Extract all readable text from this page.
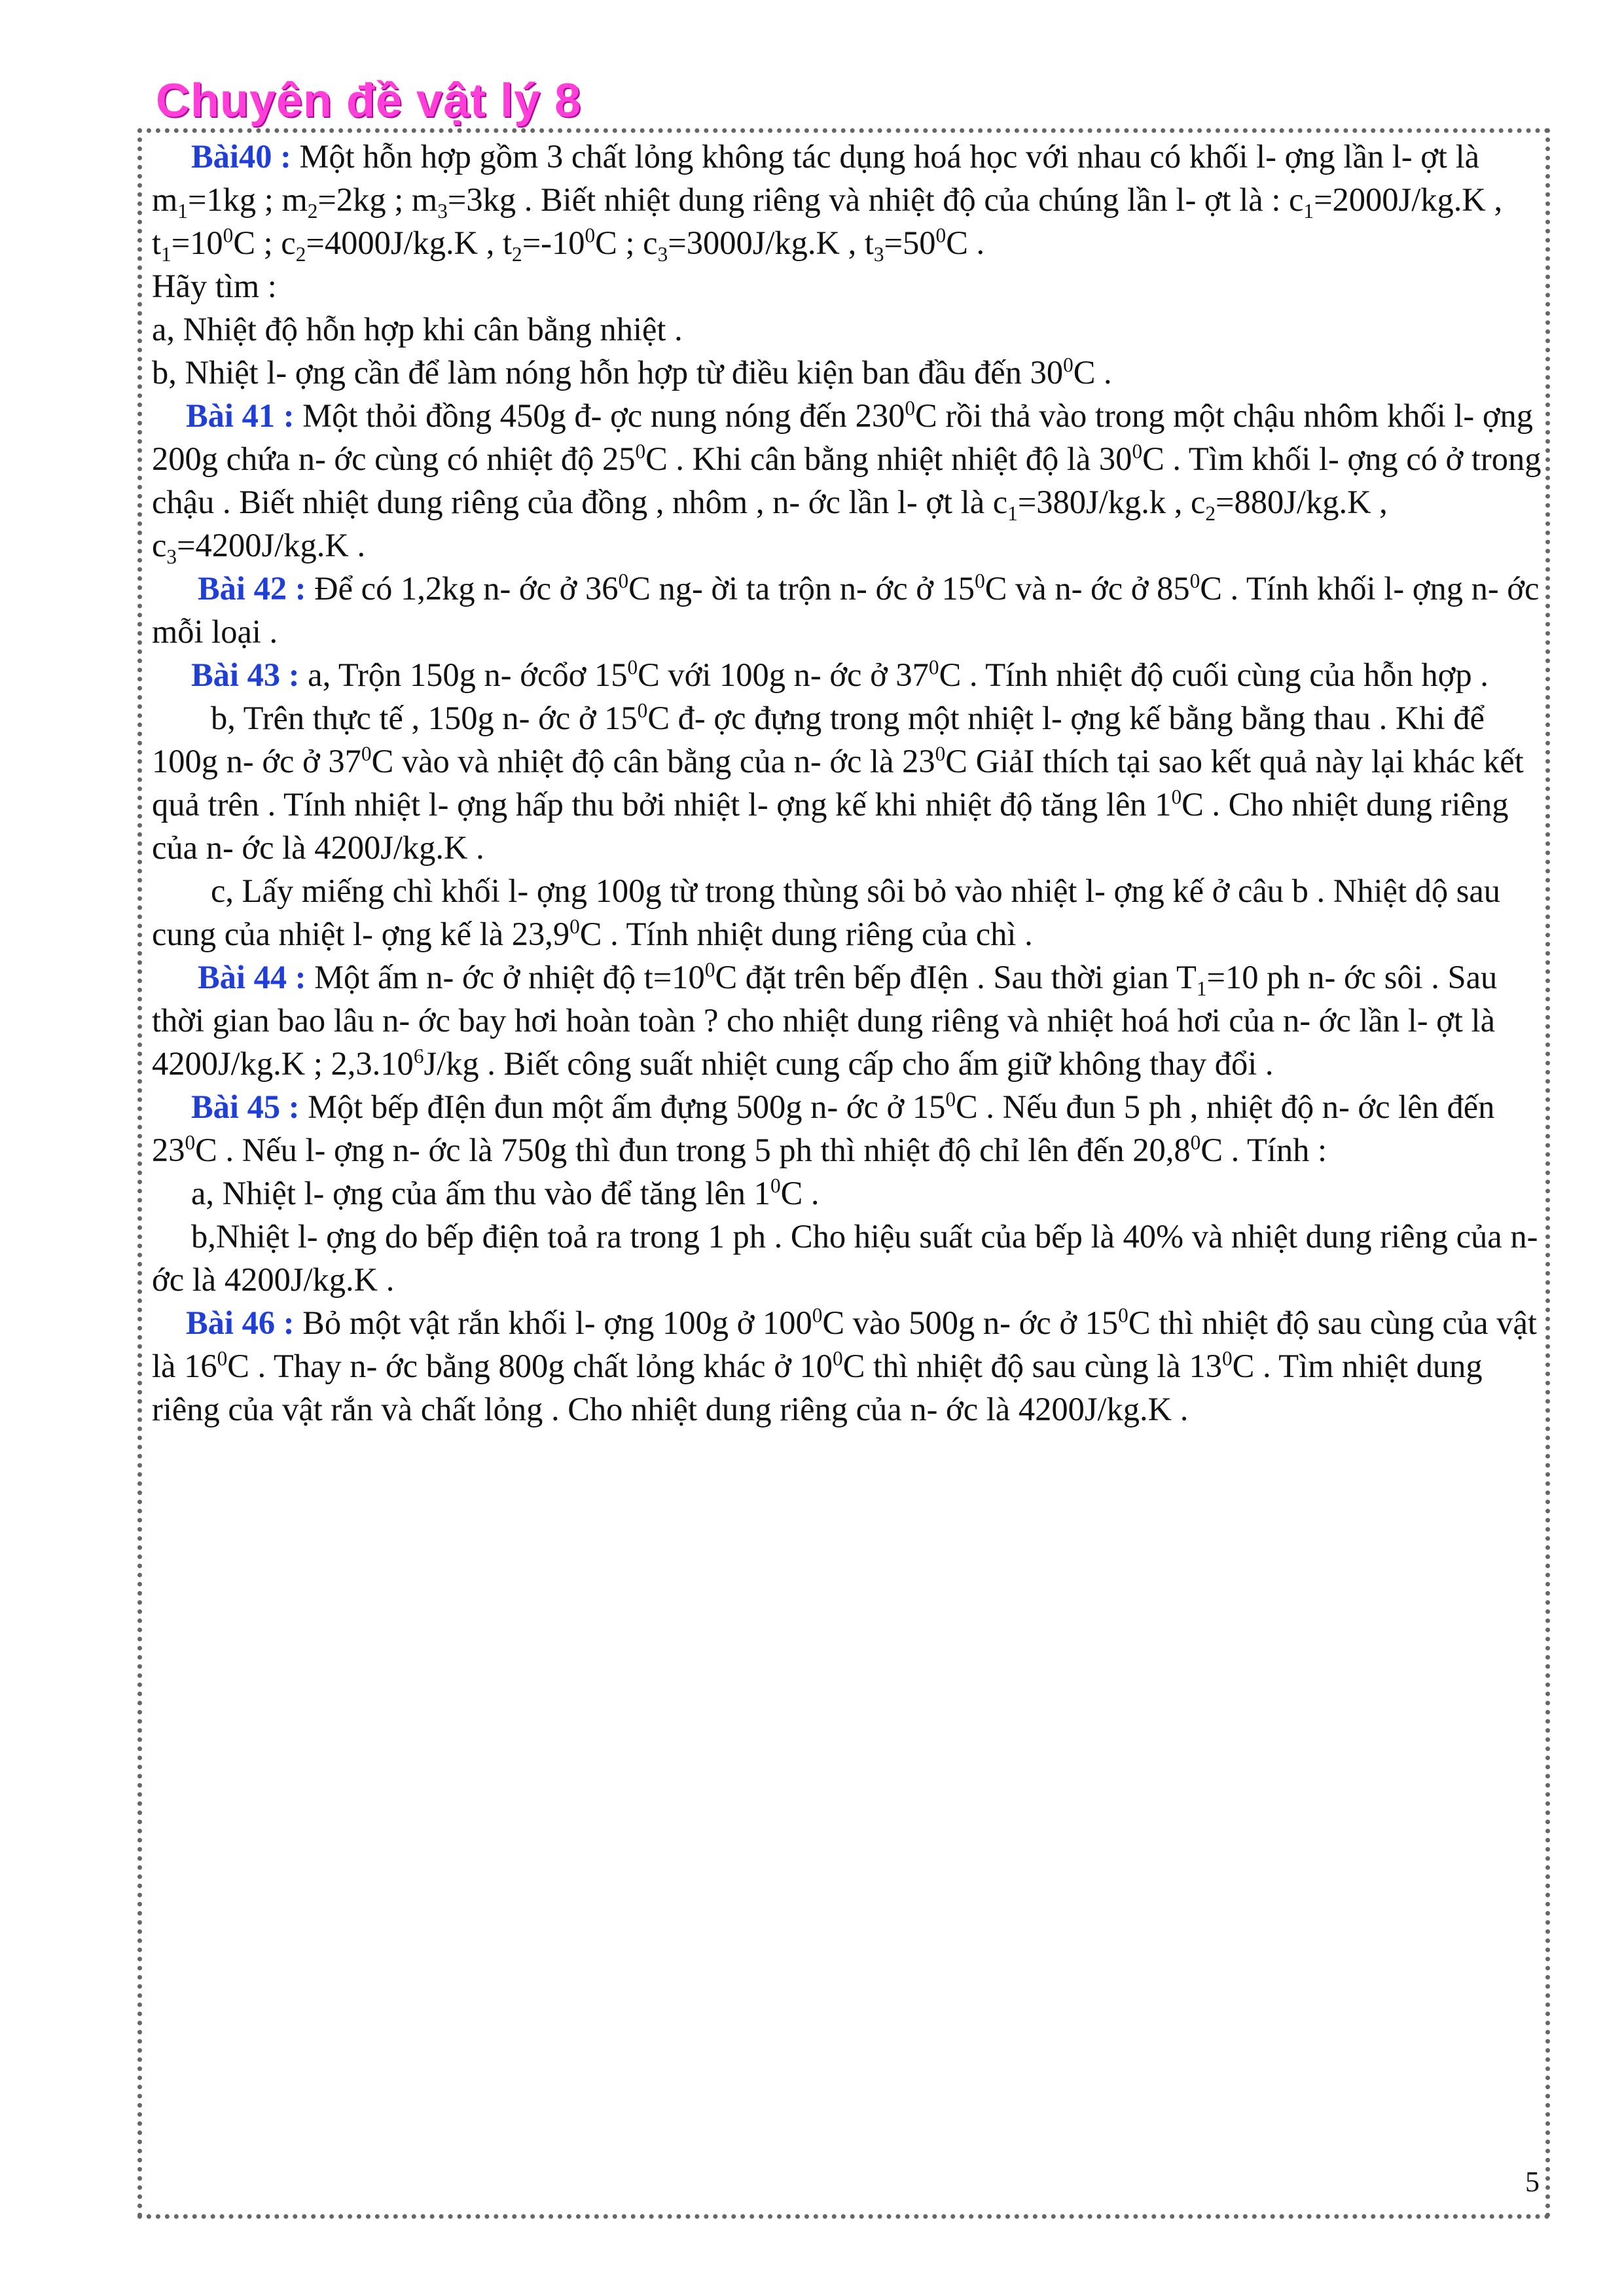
Chuyên đề vật lý 8

Bài40 : Một hỗn hợp gồm 3 chất lỏng không tác dụng hoá học với nhau có khối l- ợng lần l- ợt là $m_1=1kg$ ; $m_2=2kg$ ; $m_3=3kg$ . Biết nhiệt dung riêng và nhiệt độ của chúng lần l- ợt là : $c_1=2000J/kg.K$ , $t_1=10^0C$ ; $c_2=4000J/kg.K$ , $t_2=-10^0C$ ; $c_3=3000J/kg.K$ , $t_3=50^0C$ .

Hãy tìm :

a, Nhiệt độ hỗn hợp khi cân bằng nhiệt .

b, Nhiệt l- ợng cần để làm nóng hỗn hợp từ điều kiện ban đầu đến $30^0C$ .

Bài 41 : Một thỏi đồng 450g đ- ợc nung nóng đến $230^0C$ rồi thả vào trong một chậu nhôm khối l- ợng 200g chứa n- ớc cùng có nhiệt độ $25^0C$ . Khi cân bằng nhiệt nhiệt độ là $30^0C$ . Tìm khối l- ợng có ở trong chậu . Biết nhiệt dung riêng của đồng , nhôm , n- ớc lần l- ợt là $c_1=380J/kg.k$ , $c_2=880J/kg.K$ , $c_3=4200J/kg.K$ .

Bài 42 : Để có 1,2kg n- ớc ở $36^0C$ ng- ời ta trộn n- ớc ở $15^0C$ và n- ớc ở $85^0C$ . Tính khối l- ợng n- ớc mỗi loại .

Bài 43 : a, Trộn 150g n- ớcổơ $15^0C$ với 100g n- ớc ở $37^0C$ . Tính nhiệt độ cuối cùng của hỗn hợp .

b, Trên thực tế , 150g n- ớc ở $15^0C$ đ- ợc đựng trong một nhiệt l- ợng kế bằng bằng thau . Khi để 100g n- ớc ở $37^0C$ vào và nhiệt độ cân bằng của n- ớc là $23^0C$ GiảI thích tại sao kết quả này lại khác kết quả trên . Tính nhiệt l- ợng hấp thu bởi nhiệt l- ợng kế khi nhiệt độ tăng lên $1^0C$ . Cho nhiệt dung riêng của n- ớc là 4200J/kg.K .

c, Lấy miếng chì khối l- ợng 100g từ trong thùng sôi bỏ vào nhiệt l- ợng kế ở câu b . Nhiệt dộ sau cung của nhiệt l- ợng kế là 23,9$^0$C . Tính nhiệt dung riêng của chì .

Bài 44 : Một ấm n- ớc ở nhiệt độ $t=10^0C$ đặt trên bếp đIện . Sau thời gian $T_1=10$ ph n- ớc sôi . Sau thời gian bao lâu n- ớc bay hơi hoàn toàn ? cho nhiệt dung riêng và nhiệt hoá hơi của n- ớc lần l- ợt là 4200J/kg.K ; 2,3.10$^6$J/kg . Biết công suất nhiệt cung cấp cho ấm giữ không thay đổi .

Bài 45 : Một bếp đIện đun một ấm đựng 500g n- ớc ở $15^0C$ . Nếu đun 5 ph , nhiệt độ n- ớc lên đến $23^0C$ . Nếu l- ợng n- ớc là 750g thì đun trong 5 ph thì nhiệt độ chỉ lên đến 20,8$^0$C . Tính :

a, Nhiệt l- ợng của ấm thu vào để tăng lên $1^0C$ .

b,Nhiệt l- ợng do bếp điện toả ra trong 1 ph . Cho hiệu suất của bếp là 40% và nhiệt dung riêng của n- ớc là 4200J/kg.K .

Bài 46 : Bỏ một vật rắn khối l- ợng 100g ở $100^0C$ vào 500g n- ớc ở $15^0C$ thì nhiệt độ sau cùng của vật là $16^0C$ . Thay n- ớc bằng 800g chất lỏng khác ở $10^0C$ thì nhiệt độ sau cùng là $13^0C$ . Tìm nhiệt dung riêng của vật rắn và chất lỏng . Cho nhiệt dung riêng của n- ớc là 4200J/kg.K .

5
